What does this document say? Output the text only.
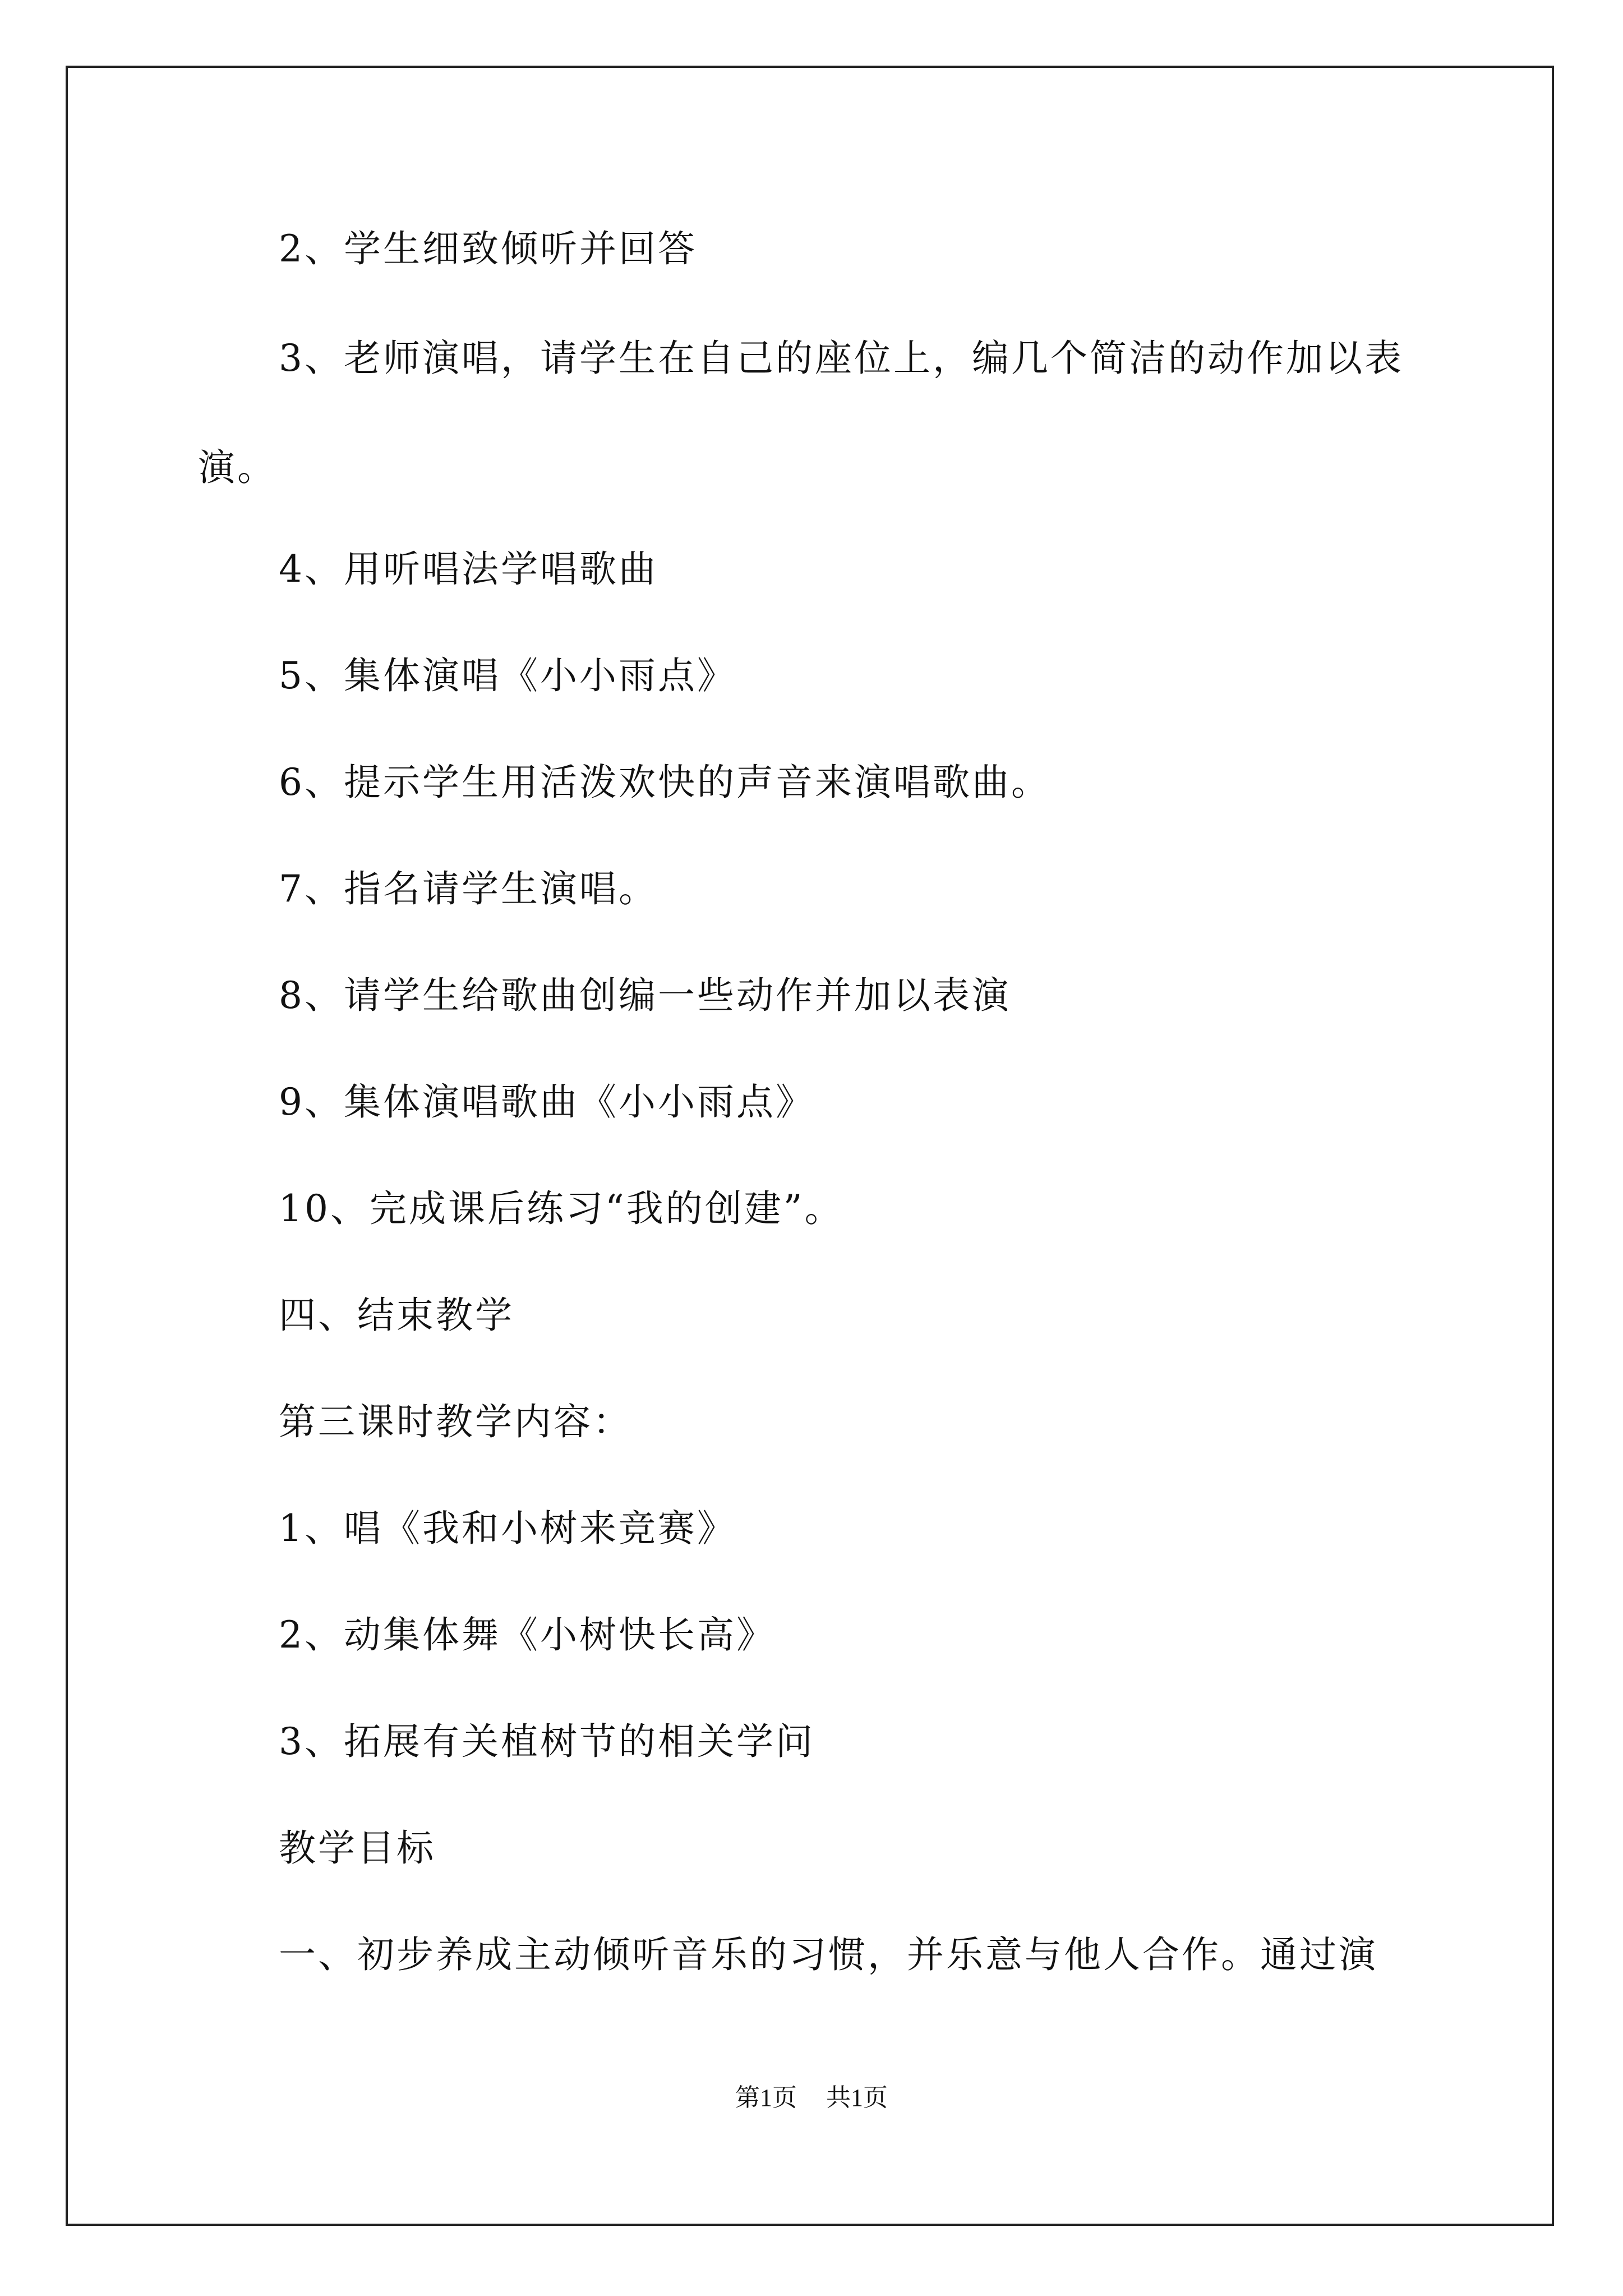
2、学生细致倾听并回答
3、老师演唱，请学生在自己的座位上，编几个简洁的动作加以表
演。
4、用听唱法学唱歌曲
5、集体演唱《小小雨点》
6、提示学生用活泼欢快的声音来演唱歌曲。
7、指名请学生演唱。
8、请学生给歌曲创编一些动作并加以表演
9、集体演唱歌曲《小小雨点》
10、完成课后练习“我的创建”。
四、结束教学
第三课时教学内容：
1、唱《我和小树来竞赛》
2、动集体舞《小树快长高》
3、拓展有关植树节的相关学问
教学目标
一、初步养成主动倾听音乐的习惯，并乐意与他人合作。通过演
第1页 共1页
